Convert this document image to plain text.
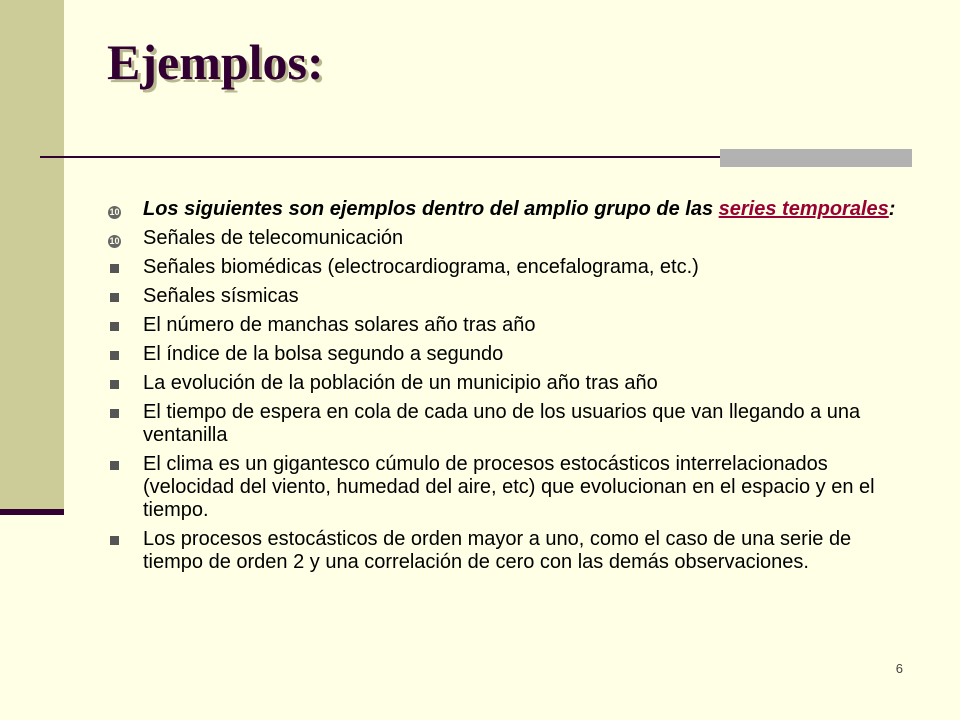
Ejemplos:
10	Los siguientes son ejemplos dentro del amplio grupo de las series temporales:
10	Señales de telecomunicación
Señales biomédicas (electrocardiograma, encefalograma, etc.)
Señales sísmicas
El número de manchas solares año tras año
El índice de la bolsa segundo a segundo
La evolución de la población de un municipio año tras año
El tiempo de espera en cola de cada uno de los usuarios que van llegando a una ventanilla
El clima es un gigantesco cúmulo de procesos estocásticos interrelacionados (velocidad del viento, humedad del aire, etc) que evolucionan en el espacio y en el tiempo.
Los procesos estocásticos de orden mayor a uno, como el caso de una serie de tiempo de orden 2 y una correlación de cero con las demás observaciones.
6
